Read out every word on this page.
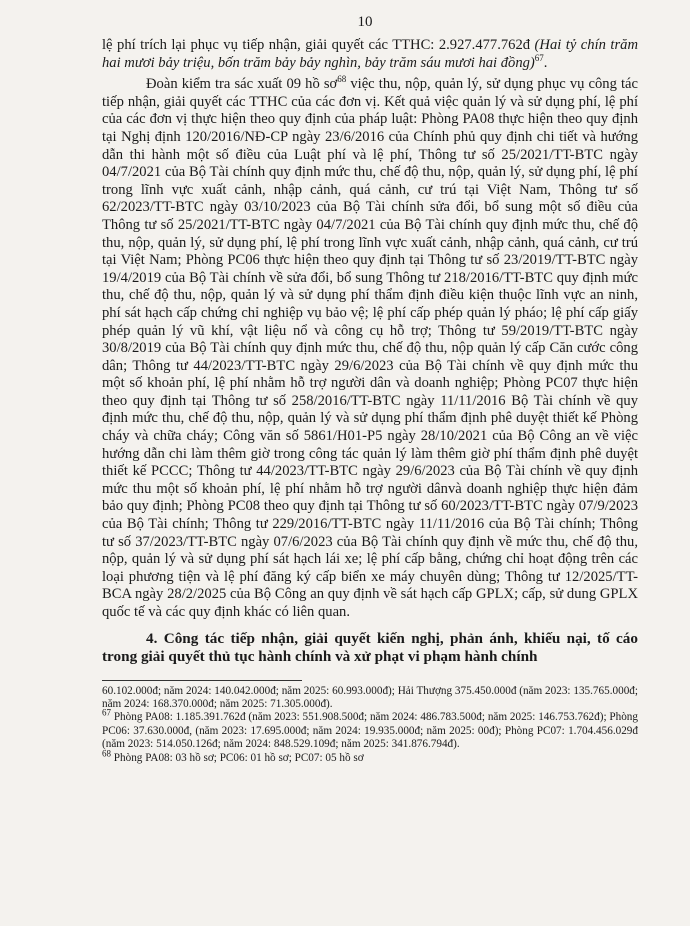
10

lệ phí trích lại phục vụ tiếp nhận, giải quyết các TTHC: 2.927.477.762đ (Hai tỷ chín trăm hai mươi bảy triệu, bốn trăm bảy bảy nghìn, bảy trăm sáu mươi hai đồng)$^{67}$.

Đoàn kiểm tra sác xuất 09 hồ $sơ^{68}$ việc thu, nộp, quản lý, sử dụng phục vụ công tác tiếp nhận, giải quyết các TTHC của các đơn vị. Kết quả việc quản lý và sử dụng phí, lệ phí của các đơn vị thực hiện theo quy định của pháp luật: Phòng PA08 thực hiện theo quy định tại Nghị định 120/2016/NĐ-CP ngày 23/6/2016 của Chính phủ quy định chi tiết và hướng dẫn thi hành một số điều của Luật phí và lệ phí, Thông tư số 25/2021/TT-BTC ngày 04/7/2021 của Bộ Tài chính quy định mức thu, chế độ thu, nộp, quản lý, sử dụng phí, lệ phí trong lĩnh vực xuất cảnh, nhập cảnh, quá cảnh, cư trú tại Việt Nam, Thông tư số 62/2023/TT-BTC ngày 03/10/2023 của Bộ Tài chính sửa đổi, bổ sung một số điều của Thông tư số 25/2021/TT-BTC ngày 04/7/2021 của Bộ Tài chính quy định mức thu, chế độ thu, nộp, quản lý, sử dụng phí, lệ phí trong lĩnh vực xuất cảnh, nhập cảnh, quá cảnh, cư trú tại Việt Nam; Phòng PC06 thực hiện theo quy định tại Thông tư số 23/2019/TT-BTC ngày 19/4/2019 của Bộ Tài chính về sửa đổi, bổ sung Thông tư 218/2016/TT-BTC quy định mức thu, chế độ thu, nộp, quản lý và sử dụng phí thẩm định điều kiện thuộc lĩnh vực an ninh, phí sát hạch cấp chứng chỉ nghiệp vụ bảo vệ; lệ phí cấp phép quản lý pháo; lệ phí cấp giấy phép quản lý vũ khí, vật liệu nổ và công cụ hỗ trợ; Thông tư 59/2019/TT-BTC ngày 30/8/2019 của Bộ Tài chính quy định mức thu, chế độ thu, nộp quản lý cấp Căn cước công dân; Thông tư 44/2023/TT-BTC ngày 29/6/2023 của Bộ Tài chính về quy định mức thu một số khoản phí, lệ phí nhằm hỗ trợ người dân và doanh nghiệp; Phòng PC07 thực hiện theo quy định tại Thông tư số 258/2016/TT-BTC ngày 11/11/2016 Bộ Tài chính về quy định mức thu, chế độ thu, nộp, quản lý và sử dụng phí thẩm định phê duyệt thiết kế Phòng cháy và chữa cháy; Công văn số 5861/H01-P5 ngày 28/10/2021 của Bộ Công an về việc hướng dẫn chi làm thêm giờ trong công tác quản lý làm thêm giờ phí thẩm định phê duyệt thiết kế PCCC; Thông tư 44/2023/TT-BTC ngày 29/6/2023 của Bộ Tài chính về quy định mức thu một số khoản phí, lệ phí nhằm hỗ trợ người dânvà doanh nghiệp thực hiện đảm bảo quy định; Phòng PC08 theo quy định tại Thông tư số 60/2023/TT-BTC ngày 07/9/2023 của Bộ Tài chính; Thông tư 229/2016/TT-BTC ngày 11/11/2016 của Bộ Tài chính; Thông tư số 37/2023/TT-BTC ngày 07/6/2023 của Bộ Tài chính quy định về mức thu, chế độ thu, nộp, quản lý và sử dụng phí sát hạch lái xe; lệ phí cấp bằng, chứng chỉ hoạt động trên các loại phương tiện và lệ phí đăng ký cấp biển xe máy chuyên dùng; Thông tư 12/2025/TT-BCA ngày 28/2/2025 của Bộ Công an quy định về sát hạch cấp GPLX; cấp, sử dung GPLX quốc tế và các quy định khác có liên quan.

4. Công tác tiếp nhận, giải quyết kiến nghị, phản ánh, khiếu nại, tố cáo trong giải quyết thủ tục hành chính và xử phạt vi phạm hành chính

60.102.000đ; năm 2024: 140.042.000đ; năm 2025: 60.993.000đ); Hải Thượng 375.450.000đ (năm 2023: 135.765.000đ; năm 2024: 168.370.000đ; năm 2025: 71.305.000đ).

$^{67}$ Phòng PA08: 1.185.391.762đ (năm 2023: 551.908.500đ; năm 2024: 486.783.500đ; năm 2025: 146.753.762đ); Phòng PC06: 37.630.000đ, (năm 2023: 17.695.000đ; năm 2024: 19.935.000đ; năm 2025: 00đ); Phòng PC07: 1.704.456.029đ (năm 2023: 514.050.126đ; năm 2024: 848.529.109đ; năm 2025: 341.876.794đ).

$^{68}$ Phòng PA08: 03 hồ sơ; PC06: 01 hồ sơ; PC07: 05 hồ sơ
